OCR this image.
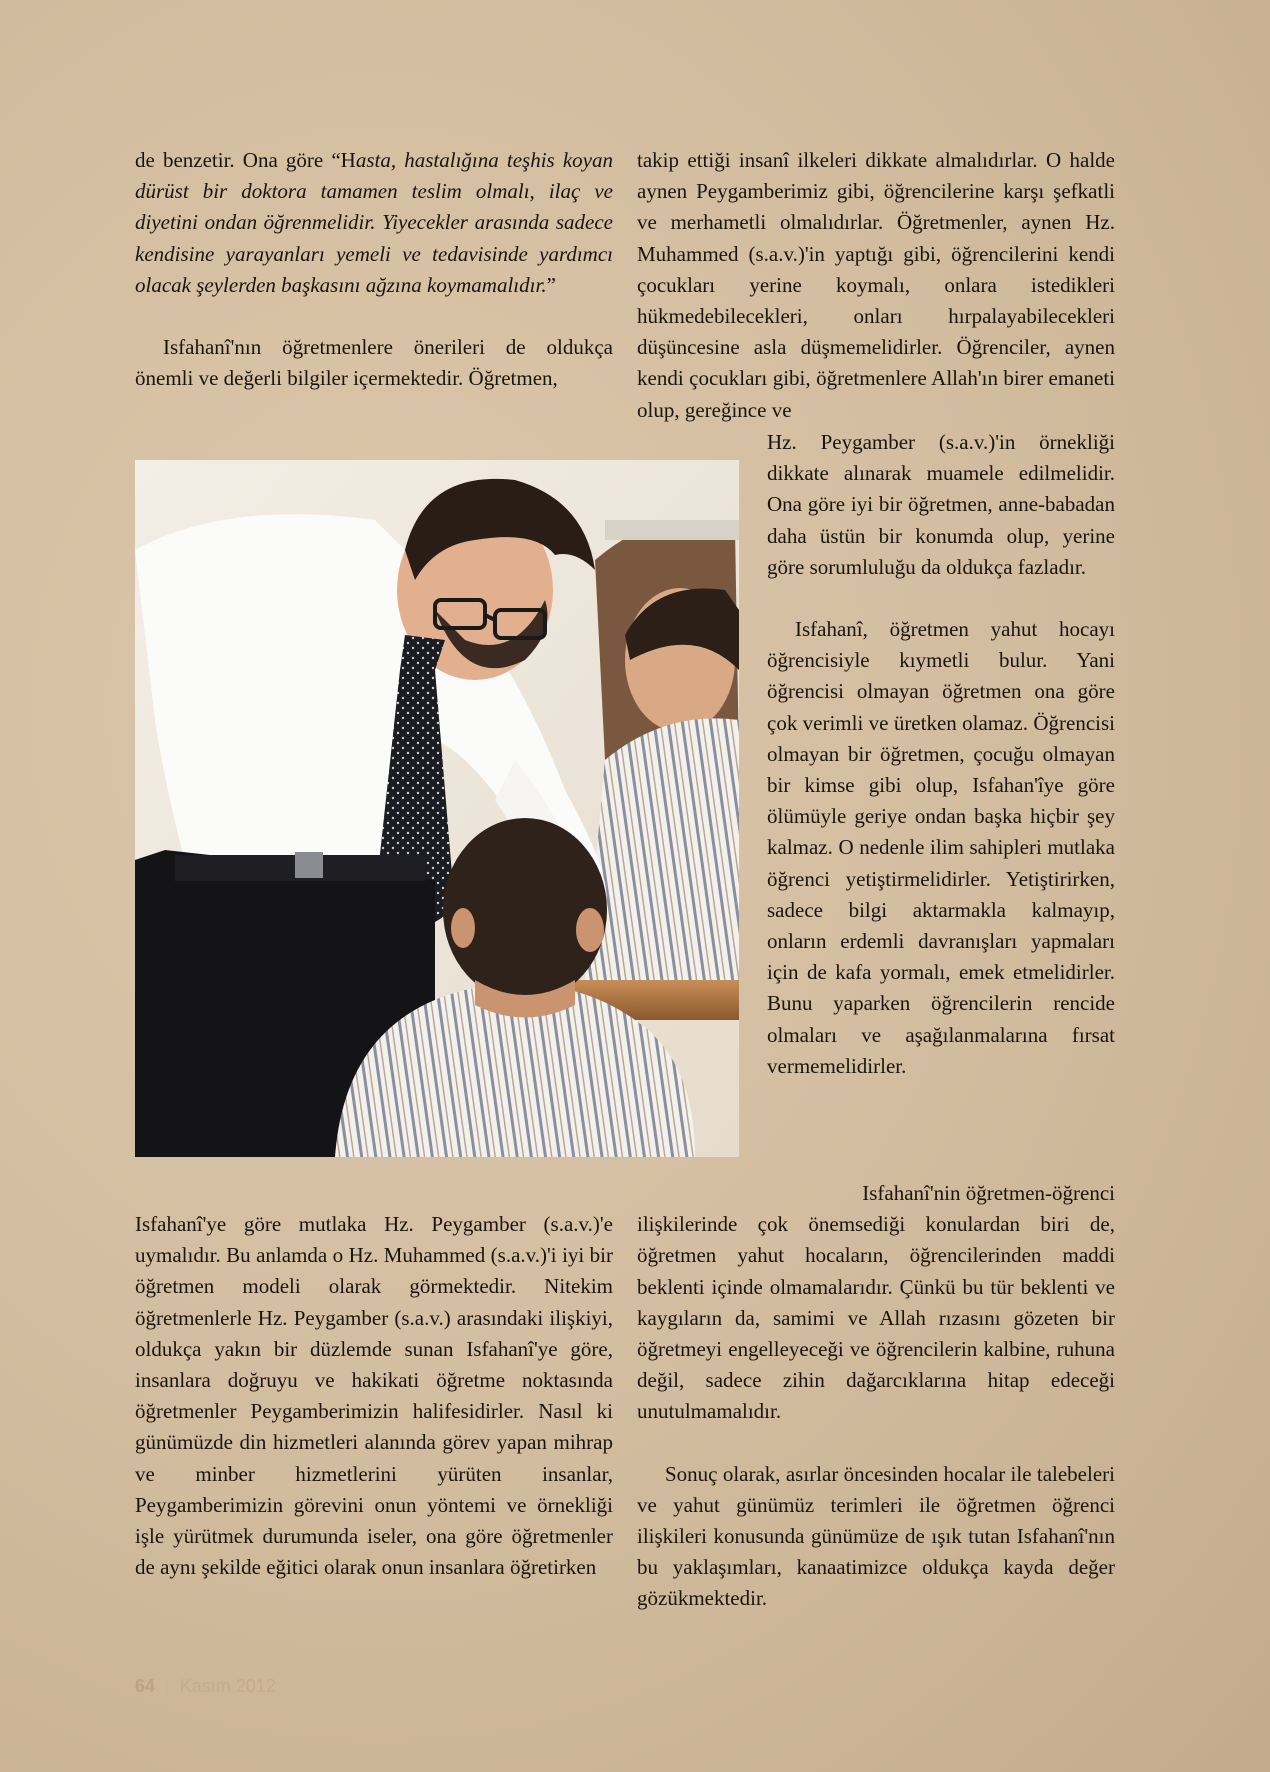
de benzetir. Ona göre “Hasta, hastalığına teşhis koyan dürüst bir doktora tamamen teslim olmalı, ilaç ve diyetini ondan öğrenmelidir. Yiyecekler arasında sadece kendisine yarayanları yemeli ve tedavisinde yardımcı olacak şeylerden başkasını ağzına koymamalıdır.”

Isfahanî'nın öğretmenlere önerileri de oldukça önemli ve değerli bilgiler içermektedir. Öğretmen,

Isfahanî'ye göre mutlaka Hz. Peygamber (s.a.v.)'e uymalıdır. Bu anlamda o Hz. Muhammed (s.a.v.)'i iyi bir öğretmen modeli olarak görmektedir. Nitekim öğretmenlerle Hz. Peygamber (s.a.v.) arasındaki ilişkiyi, oldukça yakın bir düzlemde sunan Isfahanî'ye göre, insanlara doğruyu ve hakikati öğretme noktasında öğretmenler Peygamberimizin halifesidirler. Nasıl ki günümüzde din hizmetleri alanında görev yapan mihrap ve minber hizmetlerini yürüten insanlar, Peygamberimizin görevini onun yöntemi ve örnekliği işle yürütmek durumunda iseler, ona göre öğretmenler de aynı şekilde eğitici olarak onun insanlara öğretirken

takip ettiği insanî ilkeleri dikkate almalıdırlar. O halde aynen Peygamberimiz gibi, öğrencilerine karşı şefkatli ve merhametli olmalıdırlar. Öğretmenler, aynen Hz. Muhammed (s.a.v.)'in yaptığı gibi, öğrencilerini kendi çocukları yerine koymalı, onlara istedikleri hükmedebilecekleri, onları hırpalayabilecekleri düşüncesine asla düşmemelidirler. Öğrenciler, aynen kendi çocukları gibi, öğretmenlere Allah'ın birer emaneti olup, gereğince ve

Hz. Peygamber (s.a.v.)'in örnekliği dikkate alınarak muamele edilmelidir. Ona göre iyi bir öğretmen, anne-babadan daha üstün bir konumda olup, yerine göre sorumluluğu da oldukça fazladır.

Isfahanî, öğretmen yahut hocayı öğrencisiyle kıymetli bulur. Yani öğrencisi olmayan öğretmen ona göre çok verimli ve üretken olamaz. Öğrencisi olmayan bir öğretmen, çocuğu olmayan bir kimse gibi olup, Isfahan'îye göre ölümüyle geriye ondan başka hiçbir şey kalmaz. O nedenle ilim sahipleri mutlaka öğrenci yetiştirmelidirler. Yetiştirirken, sadece bilgi aktarmakla kalmayıp, onların erdemli davranışları yapmaları için de kafa yormalı, emek etmelidirler. Bunu yaparken öğrencilerin rencide olmaları ve aşağılanmalarına fırsat vermemelidirler.

Isfahanî'nin öğretmen-öğrenci

ilişkilerinde çok önemsediği konulardan biri de, öğretmen yahut hocaların, öğrencilerinden maddi beklenti içinde olmamalarıdır. Çünkü bu tür beklenti ve kaygıların da, samimi ve Allah rızasını gözeten bir öğretmeyi engelleyeceği ve öğrencilerin kalbine, ruhuna değil, sadece zihin dağarcıklarına hitap edeceği unutulmamalıdır.

Sonuç olarak, asırlar öncesinden hocalar ile talebeleri ve yahut günümüz terimleri ile öğretmen öğrenci ilişkileri konusunda günümüze de ışık tutan Isfahanî'nın bu yaklaşımları, kanaatimizce oldukça kayda değer gözükmektedir.

64 | Kasım 2012
